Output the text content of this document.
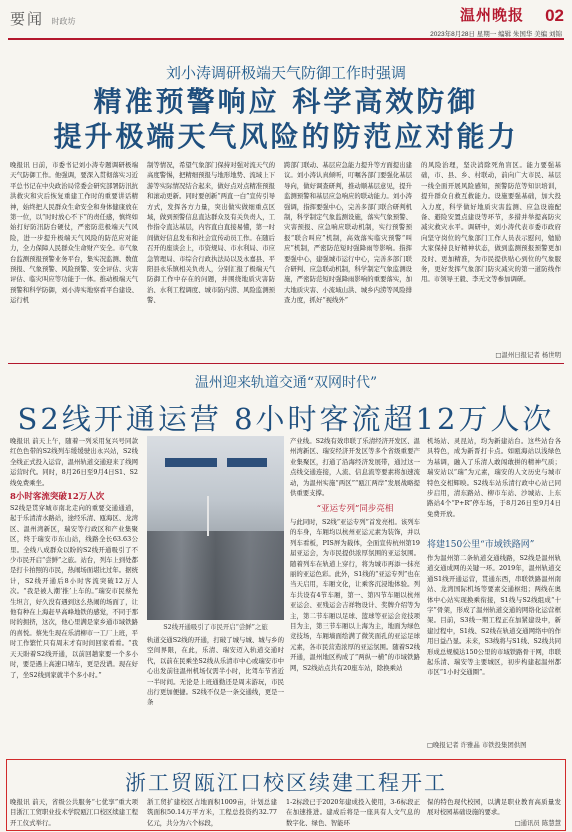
要闻 时政坊	温州晚报 02
2023年8月28日 星期一 编辑 朱国华 美编 刘锦
刘小涛调研极端天气防御工作时强调
精准预警响应 科学高效防御
提升极端天气风险的防范应对能力
晚报讯 日前，市委书记刘小涛专题调研极端天气防御工作。他强调，要深入贯彻落实习近平总书记在中央政治局常委会研究部署防汛抗洪救灾和灾后恢复重建工作时的重要讲话精神，始终把人民群众生命安全和身体健康放在第一位，以“时时放心不下”的责任感，慎终如始打好防汛防台硬仗，严密防范极端天气风险，进一步提升极端天气风险的防范应对能力，全力保障人民群众生命财产安全。市气象台监测预报预警业务平台，集实况监测、数值预报、气象预警、风险预警、安全评估、灾害评估、临灾叫应等功能于一体。推动极端天气预警和科学防御，刘小涛实地察看平台建设、运行机
制等情况，希望气象部门保持对强对流天气的高度警惕，把精细预报与地形地势、流域上下游等实际情况结合起来，做好点对点精准预报和滚动更新。同时要创新“两直一白”宣传引导方式，发挥各方力量，突出做实做细重点区域，做到预警信息直达群众及有关负责人，工作指令直达基层，内容直白直接易懂，第一时间做好信息发布和社会宣传动员工作。在随后召开的座谈会上，市资规局、市水利局、市应急管理局、市综合行政执法局以及永嘉县、平阳县永乐镇相关负责人，分别汇报了极端天气防御工作中存在的问题，并围绕地质灾害防治、水利工程调度、城市防内涝、风险监测预警、
跨部门联动、基层应急能力提升等方面提出建议。刘小涛认真倾听，叮嘱各部门要强化基层导向，做好调查研判，推动顺基层意见，提升监测预警和基层应急响应的联动能力。刘小涛强调，指挥要强中心，完善多部门联合研判机制，科学制定气象监测设施，落实气象预警、灾害预报、应急响应联动机制，实行预警预报“联合叫应”机制，高效落实临灾预警“叫应”机制，严密防范短时强降雨等影响。指挥要强中心，建强城市运行中心，完善多部门联合研判、应急联动机制，科学制定气象监测设施，严密防范短时强降雨影响的重要落实，加大地质灾害、小流域山洪、城乡内涝等风险排查力度，抓好“视线外”
的风险治理，坚决消除死角盲区。能力要强基础，市、县、乡、村联动，前向广大市民、基层一线全面开展风险感知，预警防范等知识培训，提升群众自救互救能力。设施要强基础，加大投入力度，科学做好地质灾害监测、应急设施配备、避险安置点建设等环节，多措并举提高防灾减灾救灾水平。调研中，刘小涛代表市委市政府向坚守岗位的气象部门工作人员表示慰问，勉励大家保持良好精神状态，做到监测预报预警更加及时、更加精准，为市民提供贴心到位的气象服务，更好发挥气象部门防灾减灾的第一道防线作用。市领导王毅、李无文等参加调研。
□温州日报记者 杨世明
温州迎来轨道交通“双网时代”
S2线开通运营 8小时客流超12万人次
晚报讯 前天上午，随着一列采用复兴号同款红色色带的S2线列车缓缓驶出永兴站，S2线全线正式投入运营，温州轨道交通迎来了线网运营时代。同时，8月26日至9月4日S1、S2线免费乘坐。
8小时客流突破12万人次
S2线是贯穿城市南北走向的重要交通通道，起于乐清清水路站，途经乐清、瓯海区、龙湾区、温州湾新区，瑞安等行政区和产业集聚区，终于瑞安市东山站，线路全长63.63公里。全线八成群众以盼的S2线开通吸引了不少市民开启“尝鲜”之旅。站台，列车上到处都是打卡拍照的市民，热闹场面堪比过年。据统计，S2线开通后8小时客流突破12万人次。“我是被人潮‘推’上车的。”瑞安市民蔡先生坦言，好久没有遇到这么热闹的场面了，让他有种在上海赶早高峰地铁的感觉，不同于那时的拥挤，这次，他心里满是家乡通市域铁路的喜悦。蔡先生现在乐清柳市一工厂上班，平时工作繁忙只有周末才有时间回家看看。“我天天盼着S2线开通，以前回趟家要一个多小时，要是遇上高速口堵车，更是没谱。现在好了，坐S2线到家就半个多小时。”
S2线开通吸引了市民开启“尝鲜”之旅
轨道交通S2线的开通，打破了城与城、城与乡的空间界限，在此，乐清、瑞安迈入轨道交通时代，以前在民乘坐S2线从乐清市中心或瑞安市中心出发前往温州机场仅需半小时，比驾车节省近一半时间。无论是上班通勤还是周末游玩，市民出行更加便捷。S2线不仅是一条交通线，更是一条
产业线。S2线有效串联了乐清经济开发区、温州湾新区、瑞安经济开发区等多个省级重要产业集聚区，打通了沿海经济发展带，通过这一点线交通连接，人流、信息流等要素将加速流动，为温州实施“两区”“瓯江两岸”发展战略提供重要支撑。
“亚运专列”同步亮相
与此同时，S2线“亚运专列”首发亮相。该列车的车身，车厢均以杭州亚运元素为装饰，并以列车看板，PIS屏为载体，全面宣传杭州第19届亚运会，为市民提供浓厚氛围的亚运氛围。随着列车在轨道上穿行，将为城市再添一抹亮丽的亚运色彩。此外，S1线的“亚运专列”也在当天启用，车厢文化，让乘客沉浸地体验。列车共设有4节车厢，第一、第四节车厢以杭州亚运会、亚残运会吉祥物设计、奖牌介绍等为主，第二节车厢以足球、篮球等亚运会竞技项目为主，第三节车厢以上海为主，地面为绿色竞技场，车厢墙面绘满了微笑面孔的亚运足球元素，各市民营造浓厚的亚运氛围。随着S2线开通，温州地区构成了“两纵一横”的市域铁路网，S2线站点共有20座车站，除换乘站
机场站、灵昆站，均为新建站台。这些站台各具特色，成为新晋打卡点。如瓯海站以浅绿色为基调，融入了乐清人敢闯敢拼的精神气质；瑞安站以“瑞”为元素，瑞安的人文历史与城市特色交相辉映。S2线车站乐清行政中心站已同步启用，清东路站、柳市车站、沙城站、上东路站4个“P+R”停车场，于8月26日至9月4日免费开放。
将建150公里“市域铁路网”
作为温州第二条轨道交通线路，S2线是温州轨道交通成网的关键一环。2019年，温州轨道交通S1线开通运营，贯通东西，串联铁路温州南站、龙湾国际机场等要素交通枢纽；两线在奥体中心站实现换乘衔接，S1线与S2线组成“十字”骨架，形成了温州轨道交通的网络化运营框架。目前，S3线一期工程正在加紧建设中，新建过程中，S1线、S2线在轨道交通网络中的作用日益凸显。未来，S3线将与S1线、S2线共同形成总规模达150公里的市域铁路骨干网，串联起乐清、瑞安等主要城区，初步构建起温州都市区“1小时交通圈”。
□晚报记者 许雅晶 市铁投集团供图
浙工贸瓯江口校区续建工程开工
晚报讯 前天，省级公共服务“七优享”重大项目浙江工贸职业技术学院瓯江口校区续建工程开工仪式举行。
浙工贸扩建校区占地面积1009亩，计划总建筑面积50.14万平方米，工程总投资约32.77亿元，共分为六个标段，
1-2标段已于2020年建成投入使用，3-6标段正在加速推进。建成后将是一座具有人文气息的数字化、绿色、智能环
保的特色现代校园，以满足职业教育高质量发展对校园基础设施的要求。
□通讯员 陈慧慧
